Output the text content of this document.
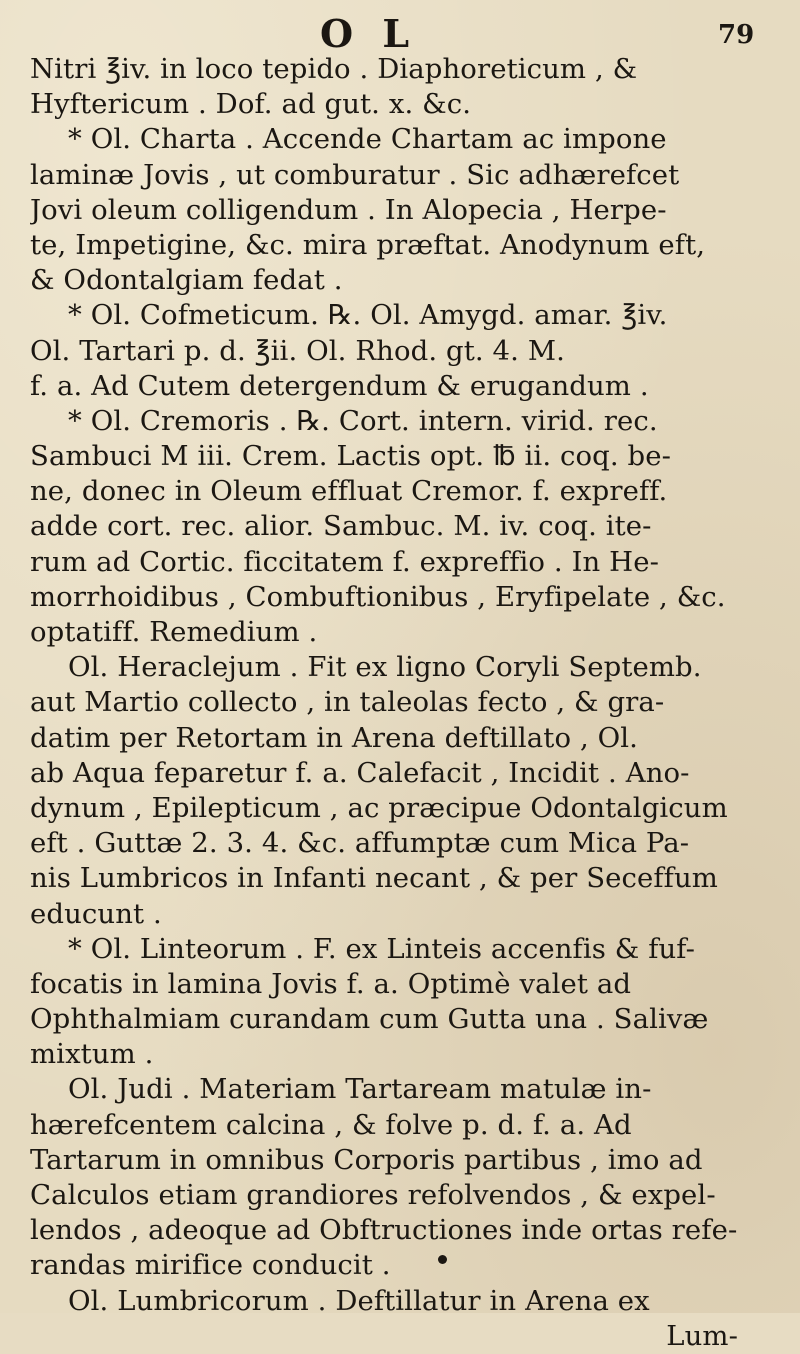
O L	79
Nitri ℥iv. in loco tepido . Diaphoreticum , &
Hyftericum . Dof. ad gut. x. &c.
* Ol. Charta . Accende Chartam ac impone
laminæ Jovis , ut comburatur . Sic adhærefcet
Jovi oleum colligendum . In Alopecia , Herpe-
te, Impetigine, &c. mira præftat. Anodynum eft,
& Odontalgiam fedat .
* Ol. Cofmeticum. ℞. Ol. Amygd. amar. ℥iv.
Ol. Tartari p. d. ℥ii. Ol. Rhod. gt. 4. M.
f. a. Ad Cutem detergendum & erugandum .
* Ol. Cremoris . ℞. Cort. intern. virid. rec.
Sambuci M iii. Crem. Lactis opt. ℔ ii. coq. be-
ne, donec in Oleum effluat Cremor. f. expreff.
adde cort. rec. alior. Sambuc. M. iv. coq. ite-
rum ad Cortic. ficcitatem f. expreffio . In He-
morrhoidibus , Combuftionibus , Eryfipelate , &c.
optatiff. Remedium .
Ol. Heraclejum . Fit ex ligno Coryli Septemb.
aut Martio collecto , in taleolas fecto , & gra-
datim per Retortam in Arena deftillato , Ol.
ab Aqua feparetur f. a. Calefacit , Incidit . Ano-
dynum , Epilepticum , ac præcipue Odontalgicum
eft . Guttæ 2. 3. 4. &c. affumptæ cum Mica Pa-
nis Lumbricos in Infanti necant , & per Seceffum
educunt .
* Ol. Linteorum . F. ex Linteis accenfis & fuf-
focatis in lamina Jovis f. a. Optimè valet ad
Ophthalmiam curandam cum Gutta una . Salivæ
mixtum .
Ol. Judi . Materiam Tartaream matulæ in-
hærefcentem calcina , & folve p. d. f. a. Ad
Tartarum in omnibus Corporis partibus , imo ad
Calculos etiam grandiores refolvendos , & expel-
lendos , adeoque ad Obftructiones inde ortas refe-
randas mirifice conducit .
Ol. Lumbricorum . Deftillatur in Arena ex
Lum-
